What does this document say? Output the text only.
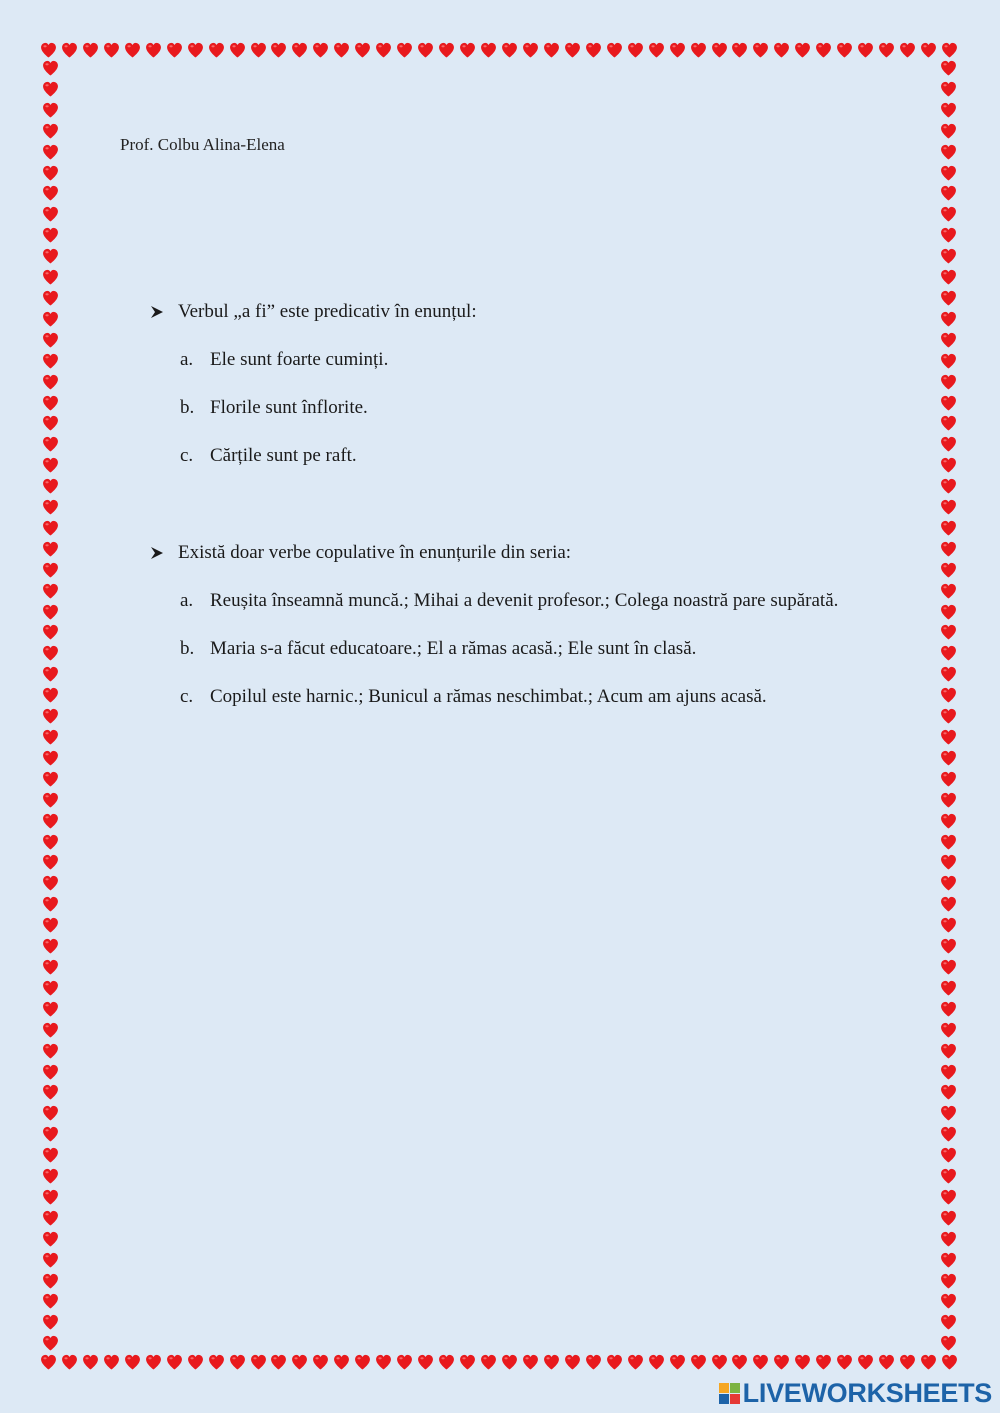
Prof. Colbu Alina-Elena
Verbul „a fi” este predicativ în enunțul:
a. Ele sunt foarte cuminți.
b. Florile sunt înflorite.
c. Cărțile sunt pe raft.
Există doar verbe copulative în enunțurile din seria:
a. Reușita înseamnă muncă.; Mihai a devenit profesor.; Colega noastră pare supărată.
b. Maria s-a făcut educatoare.; El a rămas acasă.; Ele sunt în clasă.
c. Copilul este harnic.; Bunicul a rămas neschimbat.; Acum am ajuns acasă.
LIVEWORKSHEETS
